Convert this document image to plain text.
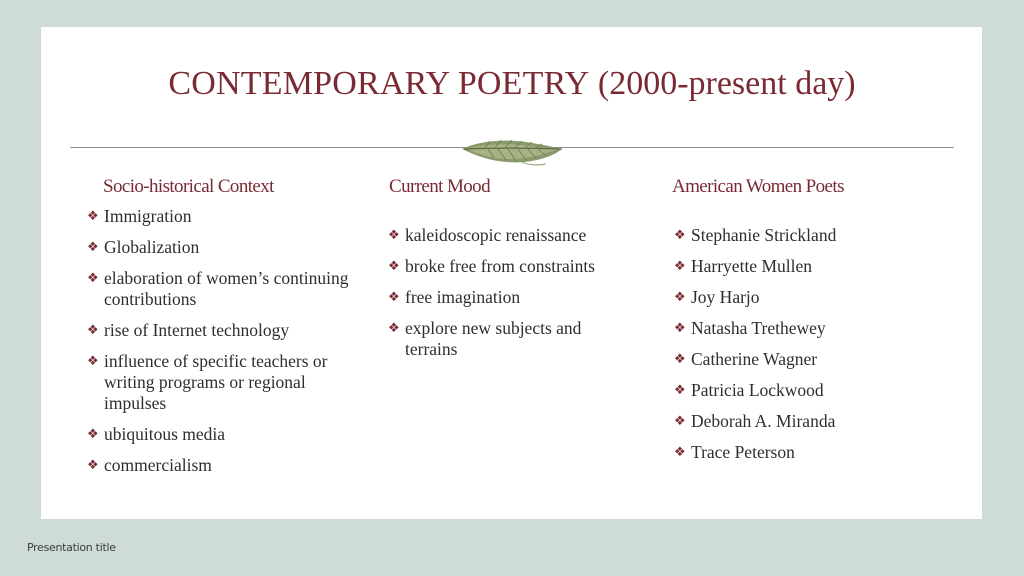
CONTEMPORARY POETRY (2000-present day)
Socio-historical Context
❖ Immigration
❖ Globalization
❖ elaboration of women’s continuing contributions
❖ rise of Internet technology
❖ influence of specific teachers or writing programs or regional impulses
❖ ubiquitous media
❖ commercialism
Current Mood
❖ kaleidoscopic renaissance
❖ broke free from constraints
❖ free imagination
❖ explore new subjects and terrains
American Women Poets
❖ Stephanie Strickland
❖ Harryette Mullen
❖ Joy Harjo
❖ Natasha Trethewey
❖ Catherine Wagner
❖ Patricia Lockwood
❖ Deborah A. Miranda
❖ Trace Peterson
Presentation title
